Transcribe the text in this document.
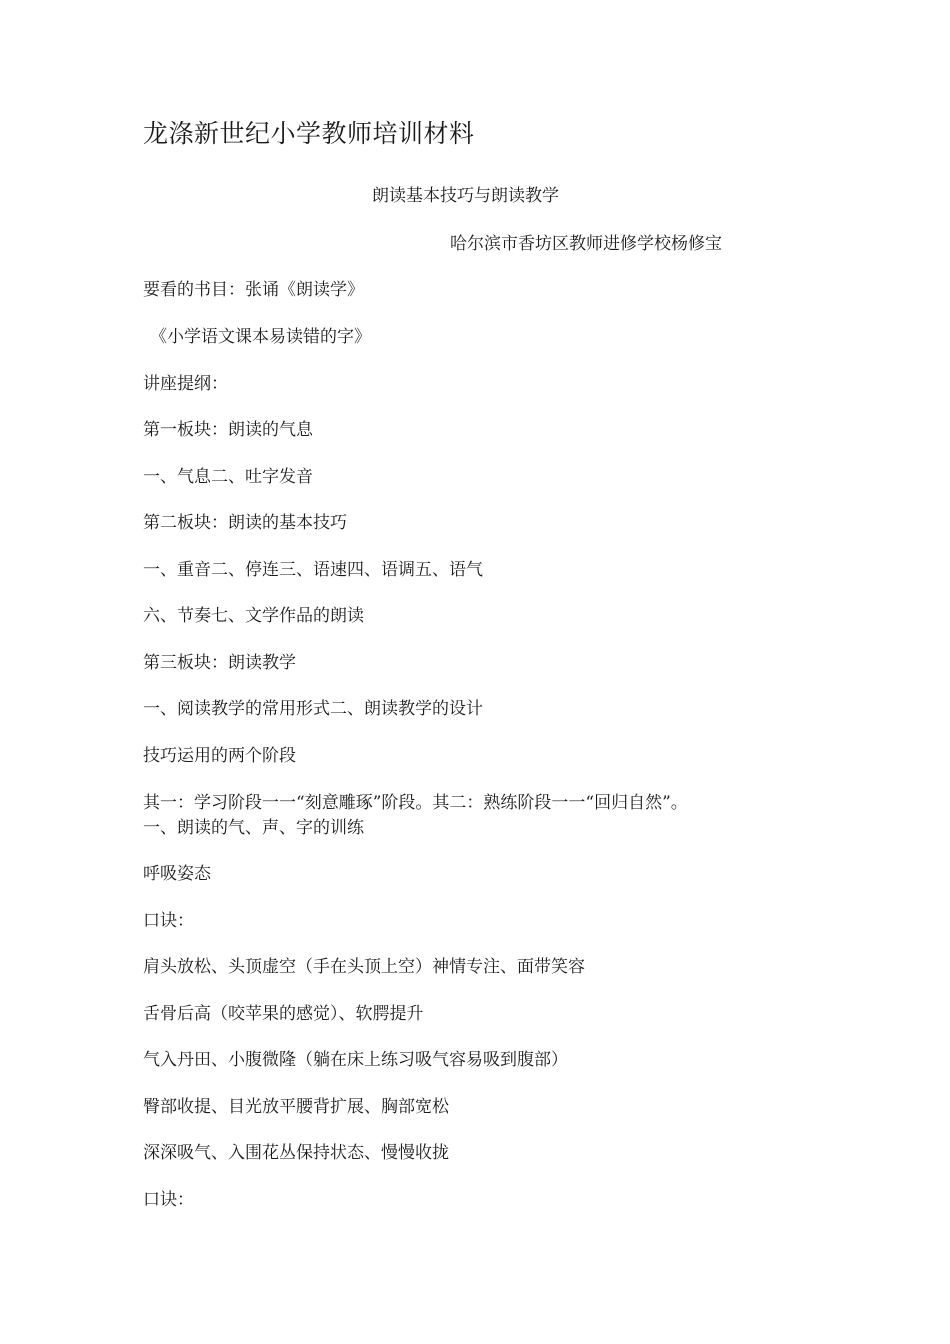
龙涤新世纪小学教师培训材料
朗读基本技巧与朗读教学
哈尔滨市香坊区教师进修学校杨修宝
要看的书目：张诵《朗读学》
《小学语文课本易读错的字》
讲座提纲：
第一板块：朗读的气息
一、气息二、吐字发音
第二板块：朗读的基本技巧
一、重音二、停连三、语速四、语调五、语气
六、节奏七、文学作品的朗读
第三板块：朗读教学
一、阅读教学的常用形式二、朗读教学的设计
技巧运用的两个阶段
其一：学习阶段一一“刻意雕琢”阶段。其二：熟练阶段一一“回归自然”。
一、朗读的气、声、字的训练
呼吸姿态
口诀：
肩头放松、头顶虚空（手在头顶上空）神情专注、面带笑容
舌骨后高（咬苹果的感觉）、软腭提升
气入丹田、小腹微隆（躺在床上练习吸气容易吸到腹部）
臀部收提、目光放平腰背扩展、胸部宽松
深深吸气、入围花丛保持状态、慢慢收拢
口诀：
